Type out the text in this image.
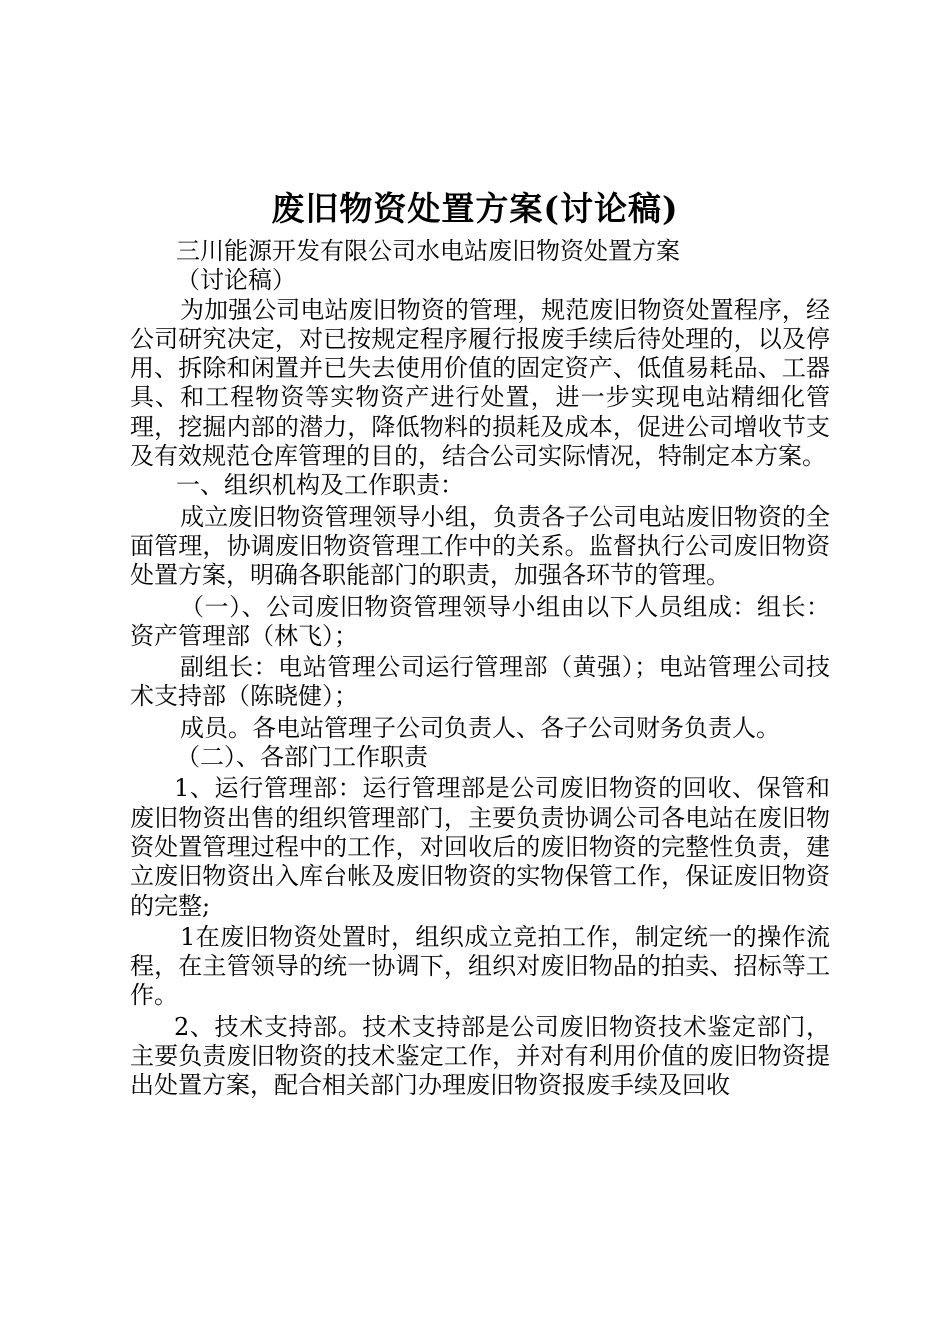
废旧物资处置方案(讨论稿)

三川能源开发有限公司水电站废旧物资处置方案

（讨论稿）

为加强公司电站废旧物资的管理，规范废旧物资处置程序，经公司研究决定，对已按规定程序履行报废手续后待处理的，以及停用、拆除和闲置并已失去使用价值的固定资产、低值易耗品、工器具、和工程物资等实物资产进行处置，进一步实现电站精细化管理，挖掘内部的潜力，降低物料的损耗及成本，促进公司增收节支及有效规范仓库管理的目的，结合公司实际情况，特制定本方案。

一、组织机构及工作职责：

成立废旧物资管理领导小组，负责各子公司电站废旧物资的全面管理，协调废旧物资管理工作中的关系。监督执行公司废旧物资处置方案，明确各职能部门的职责，加强各环节的管理。

（一）、公司废旧物资管理领导小组由以下人员组成：组长：资产管理部（林飞）；

副组长：电站管理公司运行管理部（黄强）；电站管理公司技术支持部（陈晓健）；

成员。各电站管理子公司负责人、各子公司财务负责人。

（二）、各部门工作职责

1、运行管理部：运行管理部是公司废旧物资的回收、保管和废旧物资出售的组织管理部门，主要负责协调公司各电站在废旧物资处置管理过程中的工作，对回收后的废旧物资的完整性负责，建立废旧物资出入库台帐及废旧物资的实物保管工作，保证废旧物资的完整;

1在废旧物资处置时，组织成立竞拍工作，制定统一的操作流程，在主管领导的统一协调下，组织对废旧物品的拍卖、招标等工作。

2、技术支持部。技术支持部是公司废旧物资技术鉴定部门，主要负责废旧物资的技术鉴定工作，并对有利用价值的废旧物资提出处置方案，配合相关部门办理废旧物资报废手续及回收
